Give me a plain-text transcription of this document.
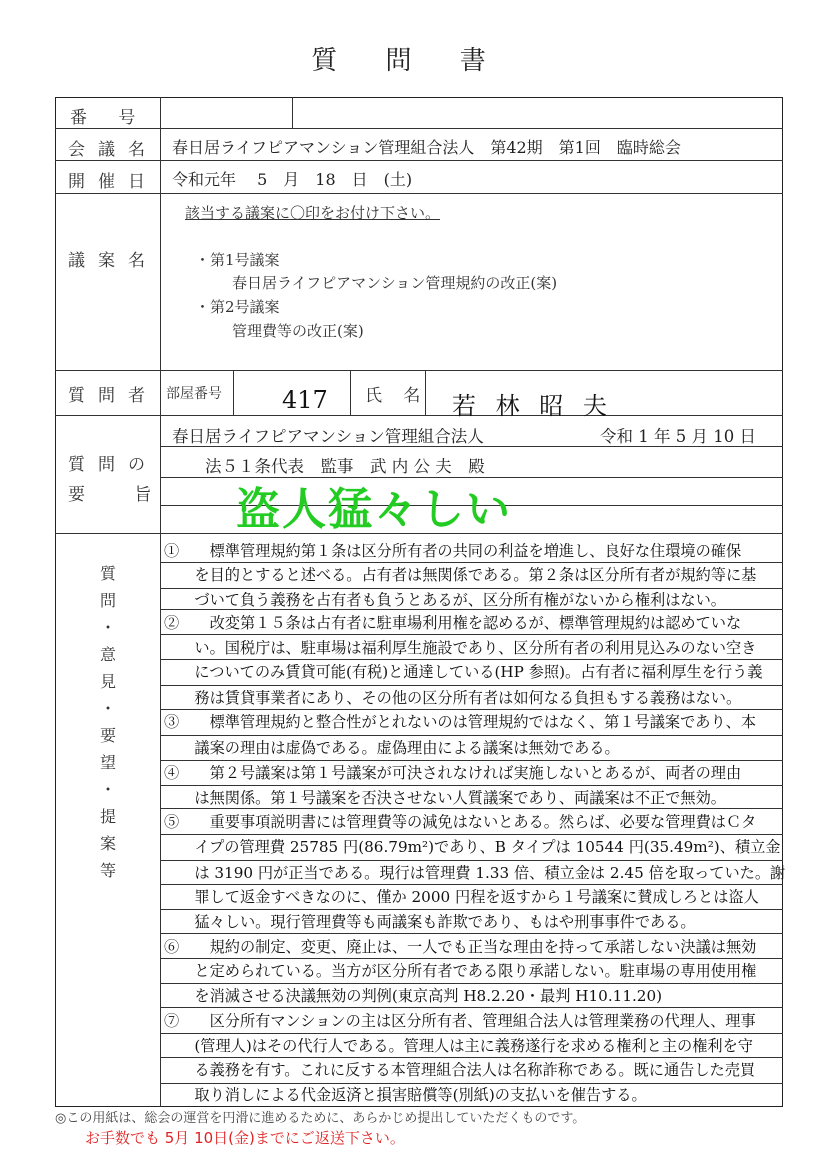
質 問 書
番 号
会議名 春日居ライフピアマンション管理組合法人　第42期　第1回　臨時総会
開催日 令和元年　 5　月　18　日　(土)
議案名
該当する議案に〇印をお付け下さい。
・第1号議案
春日居ライフピアマンション管理規約の改正(案)
・第2号議案
管理費等の改正(案)
質問者 部屋番号	417 氏 名 若 林 昭 夫
質問の
要 旨
春日居ライフピアマンション管理組合法人	令和 1 年 5 月 10 日
法５１条代表　監事　武 内 公 夫　殿
盗人猛々しい
質
問
・
意
見
・
要
望
・
提
案
等
①　　標準管理規約第１条は区分所有者の共同の利益を増進し、良好な住環境の確保
　　を目的とすると述べる。占有者は無関係である。第２条は区分所有者が規約等に基
　　づいて負う義務を占有者も負うとあるが、区分所有権がないから権利はない。
②　　改変第１５条は占有者に駐車場利用権を認めるが、標準管理規約は認めていな
　　い。国税庁は、駐車場は福利厚生施設であり、区分所有者の利用見込みのない空き
　　についてのみ賃貸可能(有税)と通達している(HP 参照)。占有者に福利厚生を行う義
　　務は賃貸事業者にあり、その他の区分所有者は如何なる負担もする義務はない。
③　　標準管理規約と整合性がとれないのは管理規約ではなく、第１号議案であり、本
　　議案の理由は虚偽である。虚偽理由による議案は無効である。
④　　第２号議案は第１号議案が可決されなければ実施しないとあるが、両者の理由
　　は無関係。第１号議案を否決させない人質議案であり、両議案は不正で無効。
⑤　　重要事項説明書には管理費等の減免はないとある。然らば、必要な管理費はＣタ
　　イプの管理費 25785 円(86.79m²)であり、B タイプは 10544 円(35.49m²)、積立金
　　は 3190 円が正当である。現行は管理費 1.33 倍、積立金は 2.45 倍を取っていた。謝
　　罪して返金すべきなのに、僅か 2000 円程を返すから１号議案に賛成しろとは盗人
　　猛々しい。現行管理費等も両議案も詐欺であり、もはや刑事事件である。
⑥　　規約の制定、変更、廃止は、一人でも正当な理由を持って承諾しない決議は無効
　　と定められている。当方が区分所有者である限り承諾しない。駐車場の専用使用権
　　を消滅させる決議無効の判例(東京高判 H8.2.20・最判 H10.11.20)
⑦　　区分所有マンションの主は区分所有者、管理組合法人は管理業務の代理人、理事
　　(管理人)はその代行人である。管理人は主に義務遂行を求める権利と主の権利を守
　　る義務を有す。これに反する本管理組合法人は名称詐称である。既に通告した売買
　　取り消しによる代金返済と損害賠償等(別紙)の支払いを催告する。
◎この用紙は、総会の運営を円滑に進めるために、あらかじめ提出していただくものです。
お手数でも 5月 10日(金)までにご返送下さい。
